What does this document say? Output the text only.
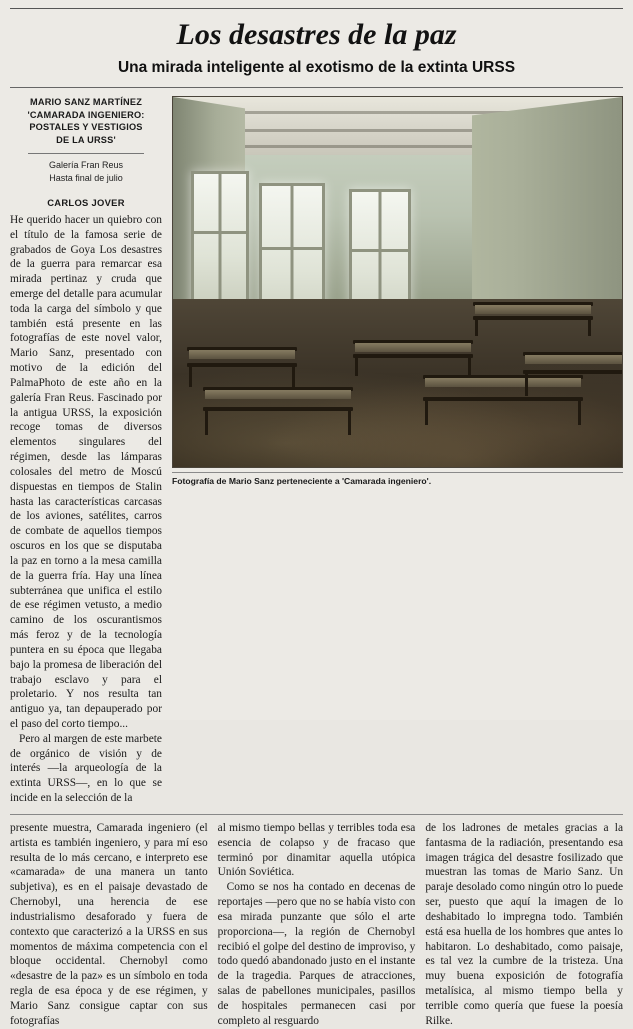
Los desastres de la paz
Una mirada inteligente al exotismo de la extinta URSS
MARIO SANZ MARTÍNEZ
'CAMARADA INGENIERO:
POSTALES Y VESTIGIOS
DE LA URSS'
Galería Fran Reus
Hasta final de julio
CARLOS JOVER

He querido hacer un quiebro con el título de la famosa serie de grabados de Goya Los desastres de la guerra para remarcar esa mirada pertinaz y cruda que emerge del detalle para acumular toda la carga del símbolo y que también está presente en las fotografías de este novel valor, Mario Sanz, presentado con motivo de la edición del PalmaPhoto de este año en la galería Fran Reus. Fascinado por la antigua URSS, la exposición recoge tomas de diversos elementos singulares del régimen, desde las lámparas colosales del metro de Moscú dispuestas en tiempos de Stalin hasta las características carcasas de los aviones, satélites, carros de combate de aquellos tiempos oscuros en los que se disputaba la paz en torno a la mesa camilla de la guerra fría. Hay una línea subterránea que unifica el estilo de ese régimen vetusto, a medio camino de los oscurantismos más feroz y de la tecnología puntera en su época que llegaba bajo la promesa de liberación del trabajo esclavo y para el proletario. Y nos resulta tan antiguo ya, tan depauperado por el paso del corto tiempo...

Pero al margen de este marbete de orgánico de visión y de interés —la arqueología de la extinta URSS—, en lo que se incide en la selección de la

Fotografía de Mario Sanz perteneciente a 'Camarada ingeniero'.

presente muestra, Camarada ingeniero (el artista es también ingeniero, y para mí eso resulta de lo más cercano, e interpreto ese «camarada» de una manera un tanto subjetiva), es en el paisaje devastado de Chernobyl, una herencia de ese industrialismo desaforado y fuera de contexto que caracterizó a la URSS en sus momentos de máxima competencia con el bloque occidental. Chernobyl como «desastre de la paz» es un símbolo en toda regla de esa época y de ese régimen, y Mario Sanz consigue captar con sus fotografías

al mismo tiempo bellas y terribles toda esa esencia de colapso y de fracaso que terminó por dinamitar aquella utópica Unión Soviética.

Como se nos ha contado en decenas de reportajes —pero que no se había visto con esa mirada punzante que sólo el arte proporciona—, la región de Chernobyl recibió el golpe del destino de improviso, y todo quedó abandonado justo en el instante de la tragedia. Parques de atracciones, salas de pabellones municipales, pasillos de hospitales permanecen casi por completo al resguardo

de los ladrones de metales gracias a la fantasma de la radiación, presentando esa imagen trágica del desastre fosilizado que muestran las tomas de Mario Sanz. Un paraje desolado como ningún otro lo puede ser, puesto que aquí la imagen de lo deshabitado lo impregna todo. También está esa huella de los hombres que antes lo habitaron. Lo deshabitado, como paisaje, es tal vez la cumbre de la tristeza. Una muy buena exposición de fotografía metalísica, al mismo tiempo bella y terrible como quería que fuese la poesía Rilke.
